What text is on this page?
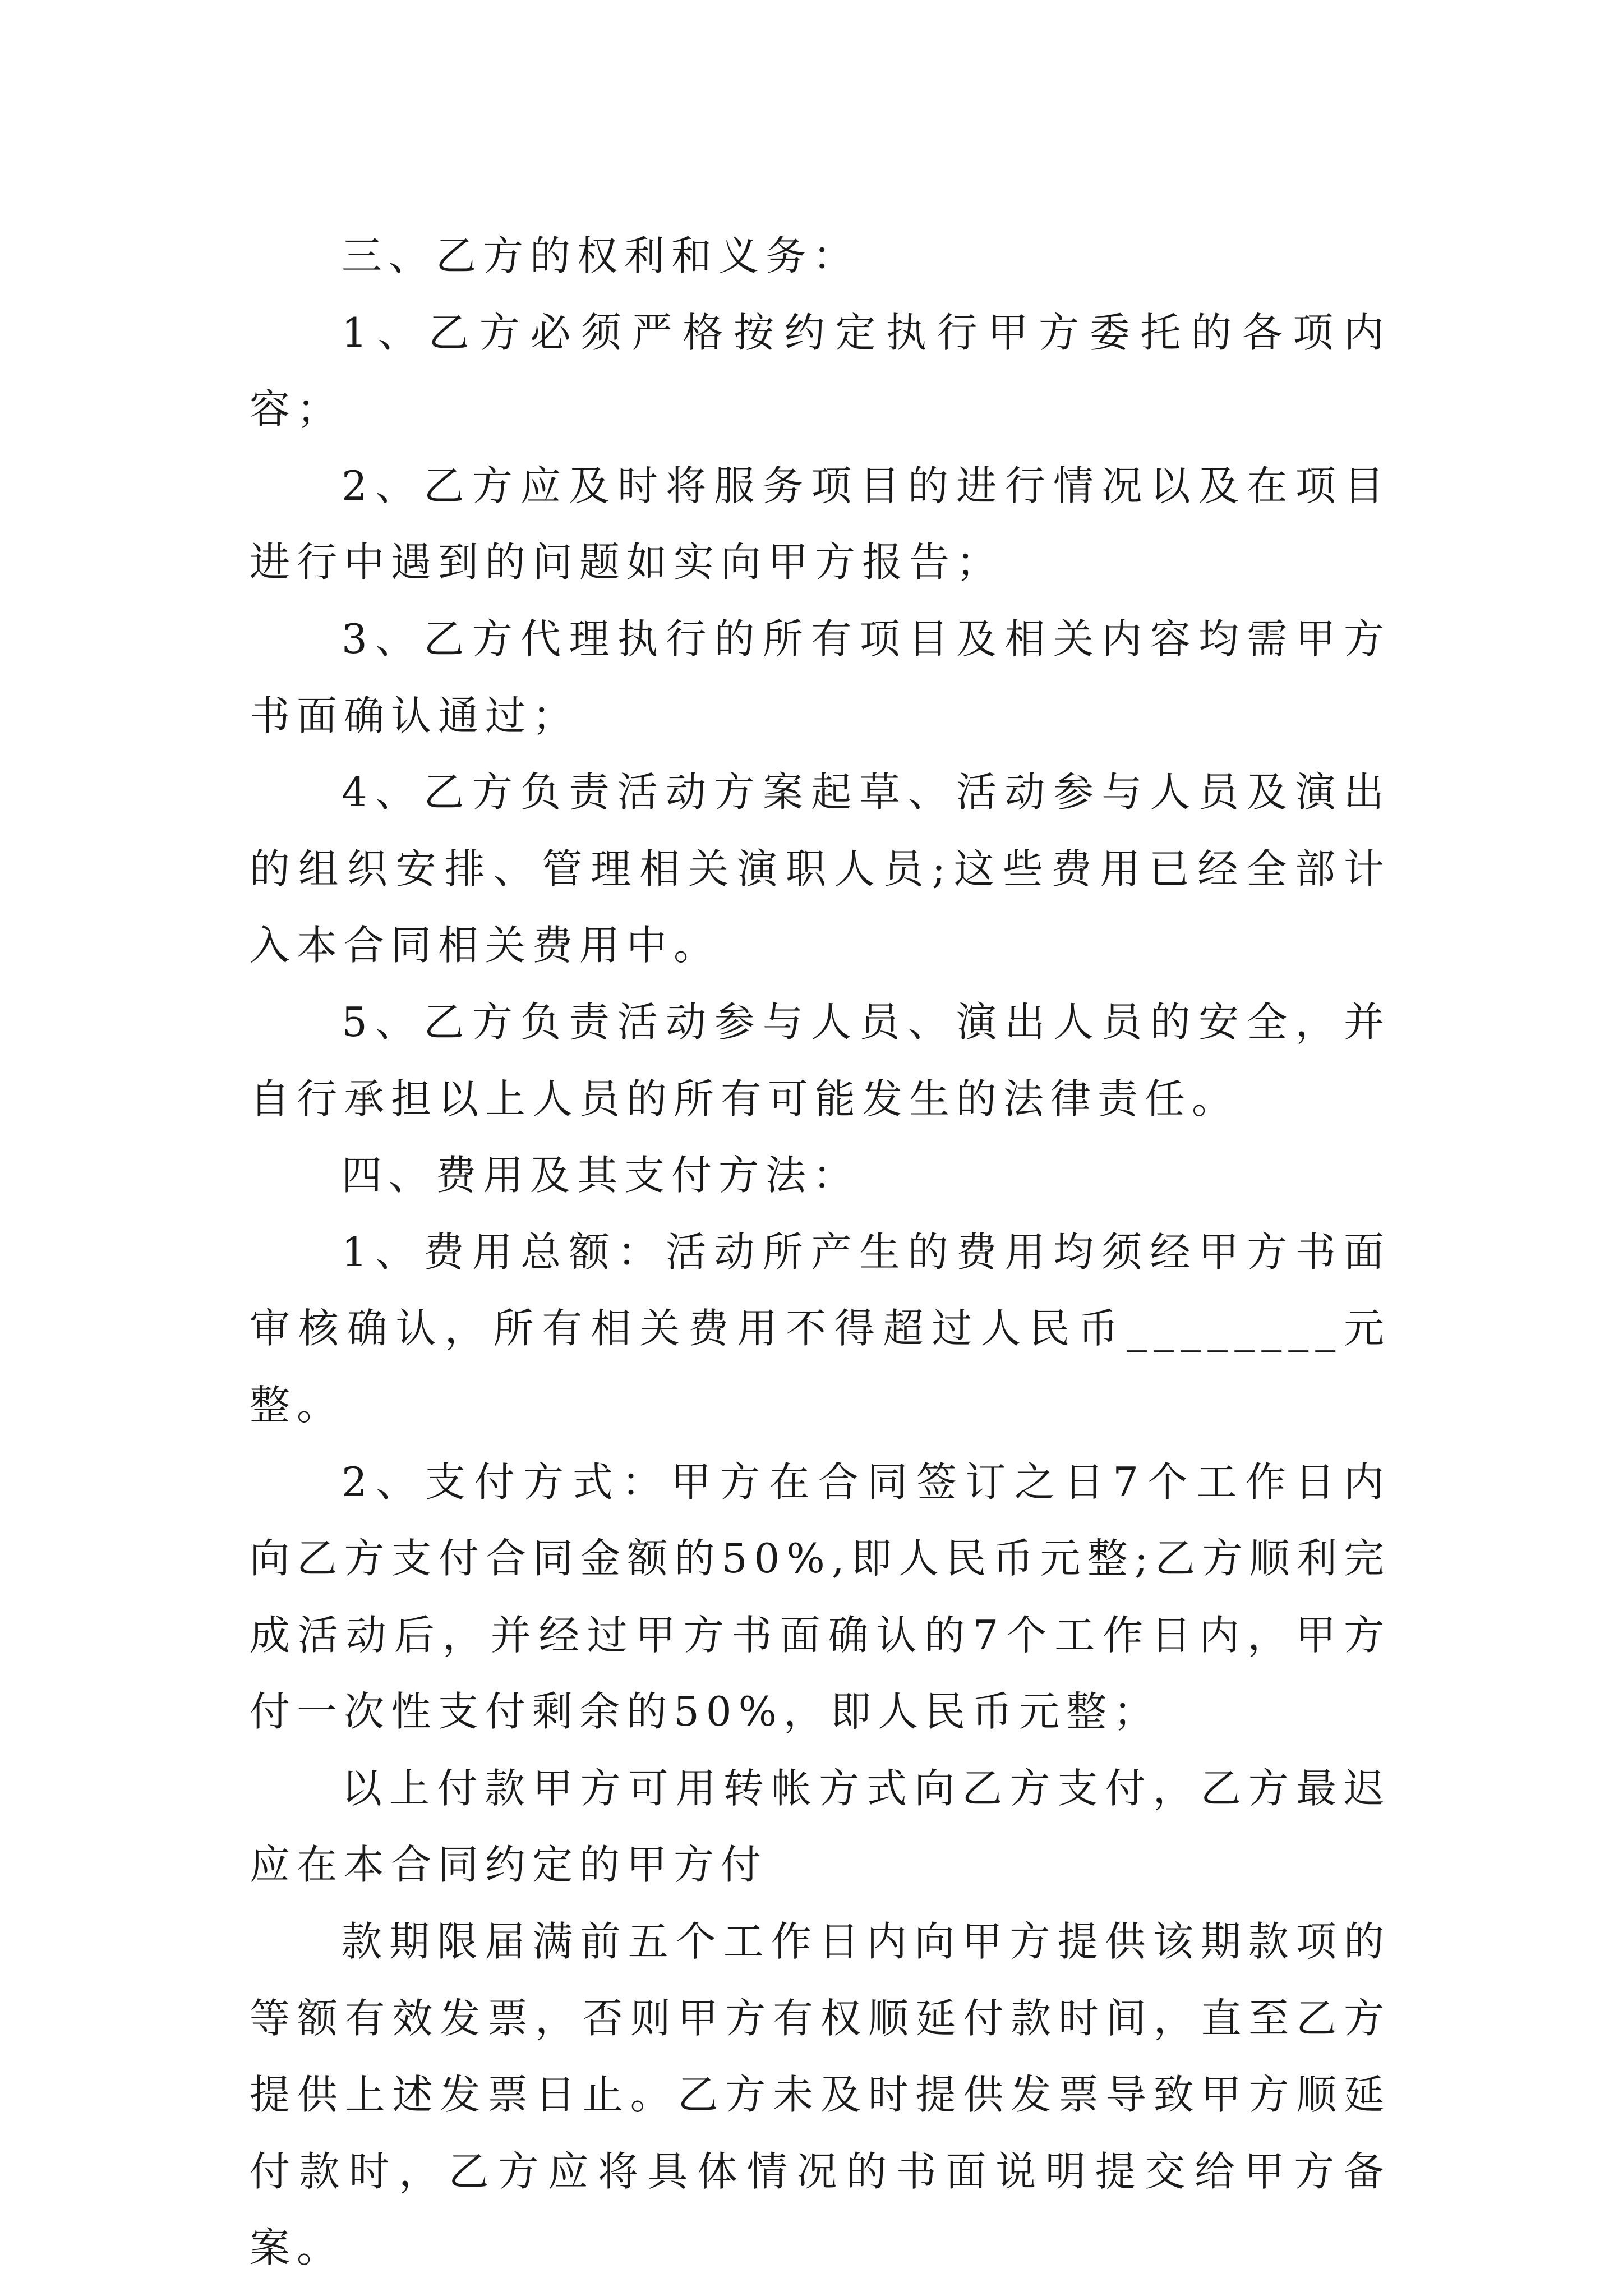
三、乙方的权利和义务：

1、乙方必须严格按约定执行甲方委托的各项内容；

2、乙方应及时将服务项目的进行情况以及在项目进行中遇到的问题如实向甲方报告；

3、乙方代理执行的所有项目及相关内容均需甲方书面确认通过；

4、乙方负责活动方案起草、活动参与人员及演出的组织安排、管理相关演职人员;这些费用已经全部计入本合同相关费用中。

5、乙方负责活动参与人员、演出人员的安全，并自行承担以上人员的所有可能发生的法律责任。

四、费用及其支付方法：

1、费用总额：活动所产生的费用均须经甲方书面审核确认，所有相关费用不得超过人民币________元整。

2、支付方式：甲方在合同签订之日7个工作日内向乙方支付合同金额的50%,即人民币元整;乙方顺利完成活动后，并经过甲方书面确认的7个工作日内，甲方付一次性支付剩余的50%，即人民币元整；

以上付款甲方可用转帐方式向乙方支付，乙方最迟应在本合同约定的甲方付

款期限届满前五个工作日内向甲方提供该期款项的等额有效发票，否则甲方有权顺延付款时间，直至乙方提供上述发票日止。乙方未及时提供发票导致甲方顺延付款时，乙方应将具体情况的书面说明提交给甲方备案。
